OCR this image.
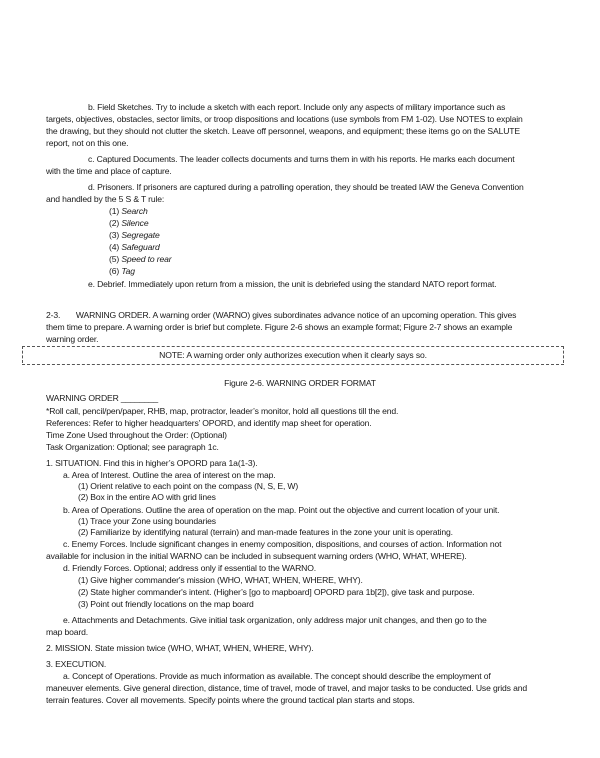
b. Field Sketches. Try to include a sketch with each report. Include only any aspects of military importance such as
targets, objectives, obstacles, sector limits, or troop dispositions and locations (use symbols from FM 1-02). Use NOTES to explain
the drawing, but they should not clutter the sketch. Leave off personnel, weapons, and equipment; these items go on the SALUTE
report, not on this one.
c. Captured Documents. The leader collects documents and turns them in with his reports. He marks each document
with the time and place of capture.
d. Prisoners. If prisoners are captured during a patrolling operation, they should be treated IAW the Geneva Convention
and handled by the 5 S & T rule:
(1) Search
(2) Silence
(3) Segregate
(4) Safeguard
(5) Speed to rear
(6) Tag
e. Debrief. Immediately upon return from a mission, the unit is debriefed using the standard NATO report format.
2-3.       WARNING ORDER. A warning order (WARNO) gives subordinates advance notice of an upcoming operation. This gives
them time to prepare. A warning order is brief but complete. Figure 2-6 shows an example format; Figure 2-7 shows an example
warning order.
NOTE: A warning order only authorizes execution when it clearly says so.
Figure 2-6. WARNING ORDER FORMAT
WARNING ORDER ________
*Roll call, pencil/pen/paper, RHB, map, protractor, leader’s monitor, hold all questions till the end.
References: Refer to higher headquarters’ OPORD, and identify map sheet for operation.
Time Zone Used throughout the Order: (Optional)
Task Organization: Optional; see paragraph 1c.
1. SITUATION. Find this in higher’s OPORD para 1a(1-3).
a. Area of Interest. Outline the area of interest on the map.
(1) Orient relative to each point on the compass (N, S, E, W)
(2) Box in the entire AO with grid lines
b. Area of Operations. Outline the area of operation on the map. Point out the objective and current location of your unit.
(1) Trace your Zone using boundaries
(2) Familiarize by identifying natural (terrain) and man-made features in the zone your unit is operating.
c. Enemy Forces. Include significant changes in enemy composition, dispositions, and courses of action. Information not
available for inclusion in the initial WARNO can be included in subsequent warning orders (WHO, WHAT, WHERE).
d. Friendly Forces. Optional; address only if essential to the WARNO.
(1) Give higher commander's mission (WHO, WHAT, WHEN, WHERE, WHY).
(2) State higher commander's intent. (Higher’s [go to mapboard] OPORD para 1b[2]), give task and purpose.
(3) Point out friendly locations on the map board
e. Attachments and Detachments. Give initial task organization, only address major unit changes, and then go to the
map board.
2. MISSION. State mission twice (WHO, WHAT, WHEN, WHERE, WHY).
3. EXECUTION.
a. Concept of Operations. Provide as much information as available. The concept should describe the employment of
maneuver elements. Give general direction, distance, time of travel, mode of travel, and major tasks to be conducted. Use grids and
terrain features. Cover all movements. Specify points where the ground tactical plan starts and stops.
